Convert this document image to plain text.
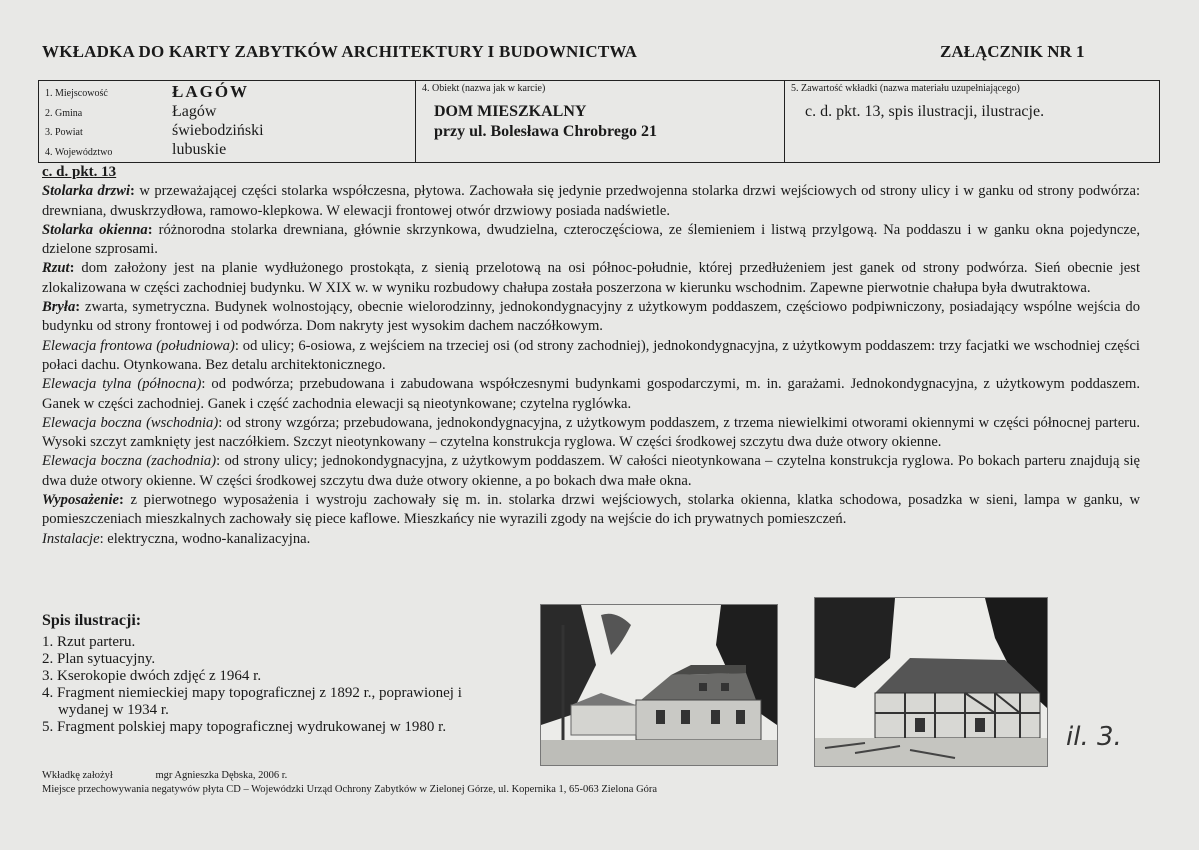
WKŁADKA DO KARTY ZABYTKÓW ARCHITEKTURY I BUDOWNICTWA	ZAŁĄCZNIK NR 1
1. Miejscowość	ŁAGÓW
2. Gmina	Łagów
3. Powiat	świebodziński
4. Województwo	lubuskie

4. Obiekt (nazwa jak w karcie)
DOM MIESZKALNY
przy ul. Bolesława Chrobrego 21

5. Zawartość wkładki (nazwa materiału uzupełniającego)
c. d. pkt. 13, spis ilustracji, ilustracje.
c. d. pkt. 13

Stolarka drzwi: w przeważającej części stolarka współczesna, płytowa. Zachowała się jedynie przedwojenna stolarka drzwi wejściowych od strony ulicy i w ganku od strony podwórza: drewniana, dwuskrzydłowa, ramowo-klepkowa. W elewacji frontowej otwór drzwiowy posiada nadświetle.

Stolarka okienna: różnorodna stolarka drewniana, głównie skrzynkowa, dwudzielna, czteroczęściowa, ze ślemieniem i listwą przylgową. Na poddaszu i w ganku okna pojedyncze, dzielone szprosami.

Rzut: dom założony jest na planie wydłużonego prostokąta, z sienią przelotową na osi północ-południe, której przedłużeniem jest ganek od strony podwórza. Sień obecnie jest zlokalizowana w części zachodniej budynku. W XIX w. w wyniku rozbudowy chałupa została poszerzona w kierunku wschodnim. Zapewne pierwotnie chałupa była dwutraktowa.

Bryła: zwarta, symetryczna. Budynek wolnostojący, obecnie wielorodzinny, jednokondygnacyjny z użytkowym poddaszem, częściowo podpiwniczony, posiadający wspólne wejścia do budynku od strony frontowej i od podwórza. Dom nakryty jest wysokim dachem naczółkowym.

Elewacja frontowa (południowa): od ulicy; 6-osiowa, z wejściem na trzeciej osi (od strony zachodniej), jednokondygnacyjna, z użytkowym poddaszem: trzy facjatki we wschodniej części połaci dachu. Otynkowana. Bez detalu architektonicznego.

Elewacja tylna (północna): od podwórza; przebudowana i zabudowana współczesnymi budynkami gospodarczymi, m. in. garażami. Jednokondygnacyjna, z użytkowym poddaszem. Ganek w części zachodniej. Ganek i część zachodnia elewacji są nieotynkowane; czytelna ryglówka.

Elewacja boczna (wschodnia): od strony wzgórza; przebudowana, jednokondygnacyjna, z użytkowym poddaszem, z trzema niewielkimi otworami okiennymi w części północnej parteru. Wysoki szczyt zamknięty jest naczółkiem. Szczyt nieotynkowany – czytelna konstrukcja ryglowa. W części środkowej szczytu dwa duże otwory okienne.

Elewacja boczna (zachodnia): od strony ulicy; jednokondygnacyjna, z użytkowym poddaszem. W całości nieotynkowana – czytelna konstrukcja ryglowa. Po bokach parteru znajdują się dwa duże otwory okienne. W części środkowej szczytu dwa duże otwory okienne, a po bokach dwa małe okna.

Wyposażenie: z pierwotnego wyposażenia i wystroju zachowały się m. in. stolarka drzwi wejściowych, stolarka okienna, klatka schodowa, posadzka w sieni, lampa w ganku, w pomieszczeniach mieszkalnych zachowały się piece kaflowe. Mieszkańcy nie wyrazili zgody na wejście do ich prywatnych pomieszczeń.

Instalacje: elektryczna, wodno-kanalizacyjna.

Spis ilustracji:
1. Rzut parteru.
2. Plan sytuacyjny.
3. Kserokopie dwóch zdjęć z 1964 r.
4. Fragment niemieckiej mapy topograficznej z 1892 r., poprawionej i wydanej w 1934 r.
5. Fragment polskiej mapy topograficznej wydrukowanej w 1980 r.
Wkładkę założył	mgr Agnieszka Dębska, 2006 r.
Miejsce przechowywania negatywów płyta CD – Wojewódzki Urząd Ochrony Zabytków w Zielonej Górze, ul. Kopernika 1, 65-063 Zielona Góra
il. 3.
